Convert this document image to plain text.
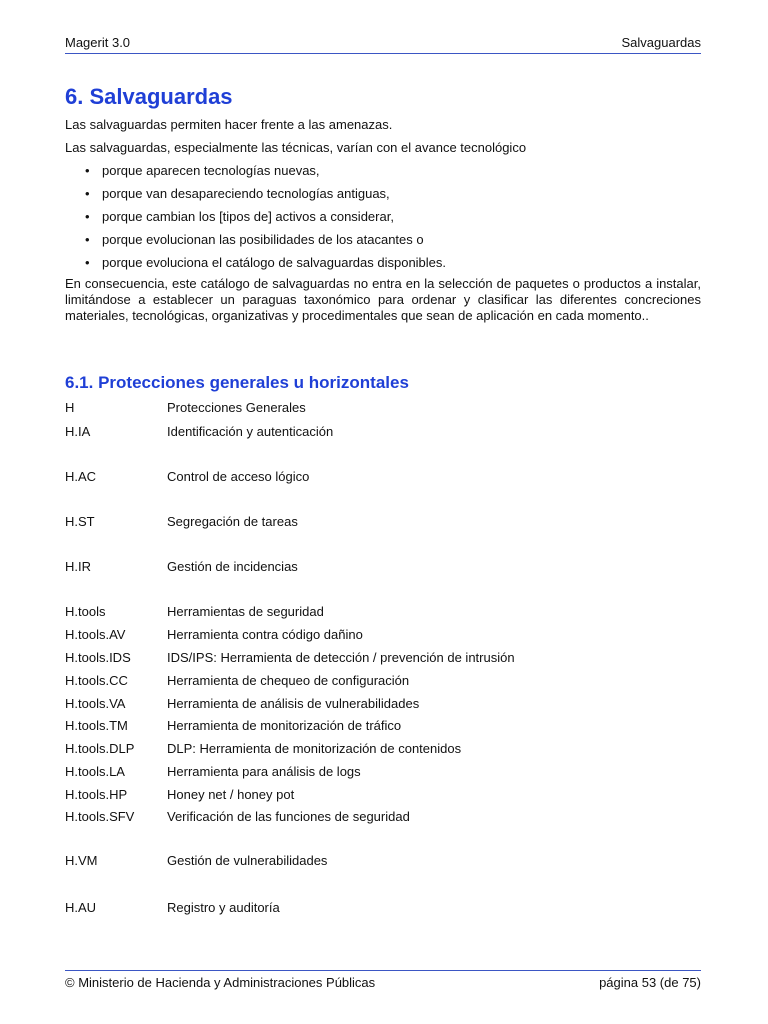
Magerit 3.0	Salvaguardas
6. Salvaguardas

Las salvaguardas permiten hacer frente a las amenazas.

Las salvaguardas, especialmente las técnicas, varían con el avance tecnológico

• porque aparecen tecnologías nuevas,
• porque van desapareciendo tecnologías antiguas,
• porque cambian los [tipos de] activos a considerar,
• porque evolucionan las posibilidades de los atacantes o
• porque evoluciona el catálogo de salvaguardas disponibles.

En consecuencia, este catálogo de salvaguardas no entra en la selección de paquetes o productos a instalar, limitándose a establecer un paraguas taxonómico para ordenar y clasificar las diferentes concreciones materiales, tecnológicas, organizativas y procedimentales que sean de aplicación en cada momento..

6.1. Protecciones generales u horizontales
H	Protecciones Generales
H.IA	Identificación y autenticación
H.AC	Control de acceso lógico
H.ST	Segregación de tareas
H.IR	Gestión de incidencias
H.tools	Herramientas de seguridad
H.tools.AV	Herramienta contra código dañino
H.tools.IDS	IDS/IPS: Herramienta de detección / prevención de intrusión
H.tools.CC	Herramienta de chequeo de configuración
H.tools.VA	Herramienta de análisis de vulnerabilidades
H.tools.TM	Herramienta de monitorización de tráfico
H.tools.DLP	DLP: Herramienta de monitorización de contenidos
H.tools.LA	Herramienta para análisis de logs
H.tools.HP	Honey net / honey pot
H.tools.SFV	Verificación de las funciones de seguridad
H.VM	Gestión de vulnerabilidades
H.AU	Registro y auditoría
© Ministerio de Hacienda y Administraciones Públicas	página 53 (de 75)
